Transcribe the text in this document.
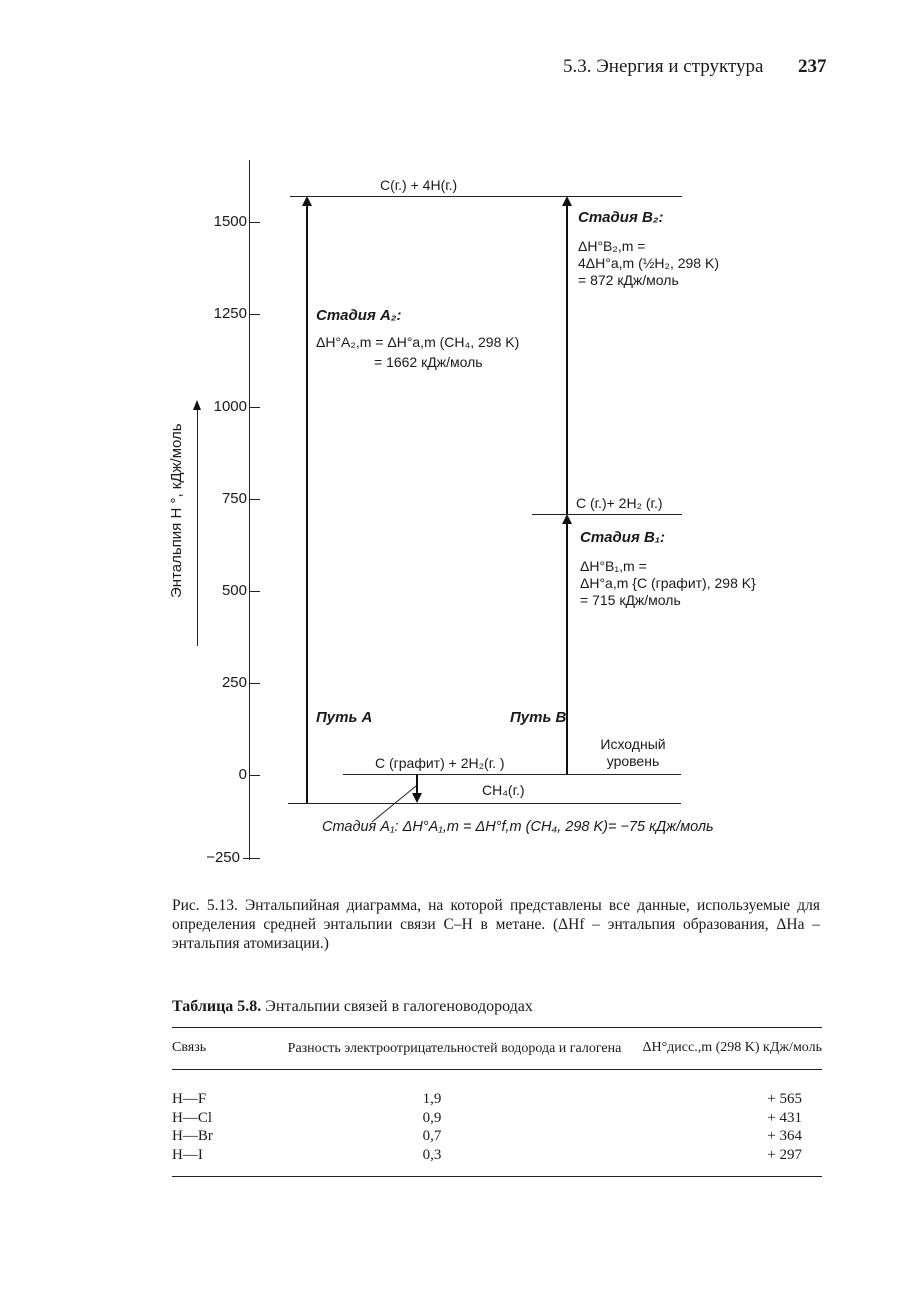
5.3. Энергия и структура 237
1500
1250
1000
750
500
250
0
−250
Энтальпия H °, кДж/моль
C(г.) + 4H(г.)
C (г.)+ 2H₂ (г.)
C (графит) + 2H₂(г. )
CH₄(г.)
Стадия A₂:
ΔH°A₂,m = ΔH°a,m (CH₄, 298 K)
= 1662 кДж/моль
Стадия B₂:
ΔH°B₂,m =
4ΔH°a,m (½H₂, 298 K)
= 872 кДж/моль
Стадия B₁:
ΔH°B₁,m =
ΔH°a,m {C (графит), 298 K}
= 715 кДж/моль
Путь A	Путь B
Исходный
уровень
Стадия A₁: ΔH°A₁,m = ΔH°f,m (CH₄, 298 K)= −75 кДж/моль
Рис. 5.13. Энтальпийная диаграмма, на которой представлены все данные, используемые для определения средней энтальпии связи С–Н в метане. (ΔHf – энтальпия образования, ΔHa – энтальпия атомизации.)
Таблица 5.8. Энтальпии связей в галогеноводородах
Связь	Разность электроотрицательностей водорода и галогена	ΔH°дисс.,m (298 K) кДж/моль
H—F	1,9	+ 565
H—Cl	0,9	+ 431
H—Br	0,7	+ 364
H—I	0,3	+ 297
